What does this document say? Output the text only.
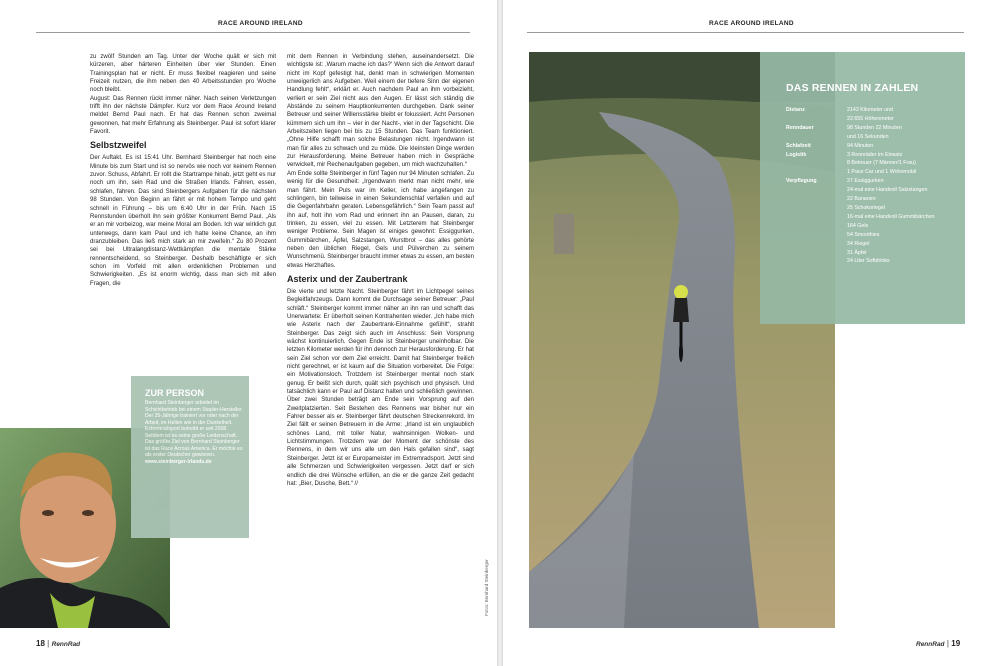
RACE AROUND IRELAND

zu zwölf Stunden am Tag. Unter der Woche quält er sich mit kürzeren, aber härteren Einheiten über vier Stunden. Einen Trainingsplan hat er nicht. Er muss flexibel reagieren und seine Freizeit nutzen, die ihm neben den 40 Arbeitsstunden pro Woche noch bleibt.

August: Das Rennen rückt immer näher. Nach seinen Verletzungen trifft ihn der nächste Dämpfer. Kurz vor dem Race Around Ireland meldet Bernd Paul nach. Er hat das Rennen schon zweimal gewonnen, hat mehr Erfahrung als Steinberger. Paul ist sofort klarer Favorit.

Selbstzweifel

Der Auftakt. Es ist 15:41 Uhr. Bernhard Steinberger hat noch eine Minute bis zum Start und ist so nervös wie noch vor keinem Rennen zuvor. Schuss, Abfahrt. Er rollt die Startrampe hinab, jetzt geht es nur noch um ihn, sein Rad und die Straßen Irlands. Fahren, essen, schlafen, fahren. Das sind Steinbergers Aufgaben für die nächsten 98 Stunden. Von Beginn an fährt er mit hohem Tempo und geht schnell in Führung – bis um 6:40 Uhr in der Früh. Nach 15 Rennstunden überholt ihn sein größter Konkurrent Bernd Paul. „Als er an mir vorbeizog, war meine Moral am Boden. Ich war wirklich gut unterwegs, dann kam Paul und ich hatte keine Chance, an ihm dranzubleiben. Das ließ mich stark an mir zweifeln.“ Zu 80 Prozent sei bei Ultralangdistanz-Wettkämpfen die mentale Stärke rennentscheidend, so Steinberger. Deshalb beschäftigte er sich schon im Vorfeld mit allen erdenklichen Problemen und Schwierigkeiten. „Es ist enorm wichtig, dass man sich mit allen Fragen, die

mit dem Rennen in Verbindung stehen, auseinandersetzt. Die wichtigste ist: ‚Warum mache ich das?‘ Wenn sich die Antwort darauf nicht im Kopf gefestigt hat, denkt man in schwierigen Momenten unweigerlich ans Aufgeben. Weil einem der tiefere Sinn der eigenen Handlung fehlt“, erklärt er. Auch nachdem Paul an ihm vorbeizieht, verliert er sein Ziel nicht aus den Augen. Er lässt sich ständig die Abstände zu seinem Hauptkonkurrenten durchgeben. Dank seiner Betreuer und seiner Willensstärke bleibt er fokussiert. Acht Personen kümmern sich um ihn – vier in der Nacht-, vier in der Tagschicht. Die Arbeitszeiten liegen bei bis zu 15 Stunden. Das Team funktioniert. „Ohne Hilfe schafft man solche Belastungen nicht. Irgendwann ist man für alles zu schwach und zu müde. Die kleinsten Dinge werden zur Herausforderung. Meine Betreuer haben mich in Gespräche verwickelt, mir Rechenaufgaben gegeben, um mich wachzuhalten.“

Am Ende sollte Steinberger in fünf Tagen nur 94 Minuten schlafen. Zu wenig für die Gesundheit: „Irgendwann merkt man nicht mehr, wie man fährt. Mein Puls war im Keller, ich habe angefangen zu schlingern, bin teilweise in einen Sekundenschlaf verfallen und auf die Gegenfahrbahn geraten. Lebensgefährlich.“ Sein Team passt auf ihn auf, holt ihn vom Rad und erinnert ihn an Pausen, daran, zu trinken, zu essen, viel zu essen. Mit Letzterem hat Steinberger weniger Probleme. Sein Magen ist einiges gewohnt: Essiggurken, Gummibärchen, Äpfel, Salzstangen, Wurstbrot – das alles gehörte neben den üblichen Riegel, Gels und Pülverchen zu seinem Wunschmenü. Steinberger braucht immer etwas zu essen, am besten etwas Herzhaftes.

Asterix und der Zaubertrank

Die vierte und letzte Nacht. Steinberger fährt im Lichtpegel seines Begleitfahrzeugs. Dann kommt die Durchsage seiner Betreuer: „Paul schläft.“ Steinberger kommt immer näher an ihn ran und schafft das Unerwartete: Er überholt seinen Kontrahenten wieder. „Ich habe mich wie Asterix nach der Zaubertrank-Einnahme gefühlt“, strahlt Steinberger. Das zeigt sich auch im Anschluss: Sein Vorsprung wächst kontinuierlich. Gegen Ende ist Steinberger uneinholbar. Die letzten Kilometer werden für ihn dennoch zur Herausforderung. Er hat sein Ziel schon vor dem Ziel erreicht. Damit hat Steinberger freilich nicht gerechnet, er ist kaum auf die Situation vorbereitet. Die Folge: ein Motivationsloch. Trotzdem ist Steinberger mental noch stark genug. Er beißt sich durch, quält sich psychisch und physisch. Und tatsächlich kann er Paul auf Distanz halten und schließlich gewinnen. Über zwei Stunden beträgt am Ende sein Vorsprung auf den Zweitplatzierten. Seit Bestehen des Rennens war bisher nur ein Fahrer besser als er. Steinberger fährt deutschen Streckenrekord. Im Ziel fällt er seinen Betreuern in die Arme: „Irland ist ein unglaublich schönes Land, mit toller Natur, wahnsinnigen Wolken- und Lichtstimmungen. Trotzdem war der Moment der schönste des Rennens, in dem wir uns alle um den Hals gefallen sind“, sagt Steinberger. Jetzt ist er Europameister im Extremradsport. Jetzt sind alle Schmerzen und Schwierigkeiten vergessen. Jetzt darf er sich endlich die drei Wünsche erfüllen, an die er die ganze Zeit gedacht hat: „Bier, Dusche, Bett.“ //

ZUR PERSON

Bernhard Steinberger arbeitet im Schichtbetrieb bei einem Stapler-Hersteller. Der 35-Jährige trainiert vor oder nach der Arbeit, im Hellen wie in der Dunkelheit. Extremradsport betreibt er seit 2008. Seitdem ist es seine große Leidenschaft. Das größte Ziel von Bernhard Steinberger ist das Race Across America. Er möchte es als erster Deutscher gewinnen.

www.steinberger-irlands.de

Fotos: Bernhard Steinberger
18 | RennRad
RACE AROUND IRELAND
RennRad | 19
DAS RENNEN IN ZAHLEN
Distanz	2143 Kilometer und
22.655 Höhenmeter
Renndauer	98 Stunden 22 Minuten
und 16 Sekunden
Schlafzeit	94 Minuten
Logistik	3 Rennräder im Einsatz
8 Betreuer (7 Männer/1 Frau)
1 Pace Car und 1 Wohnmobil
Verpflegung	27 Essiggurken
24-mal eine Handvoll Salzstangen
22 Bananen
25 Schokoriegel
16-mal eine Handvoll Gummibärchen
164 Gels
54 Smoothies
34 Riegel
31 Äpfel
24 Liter Softdrinks
